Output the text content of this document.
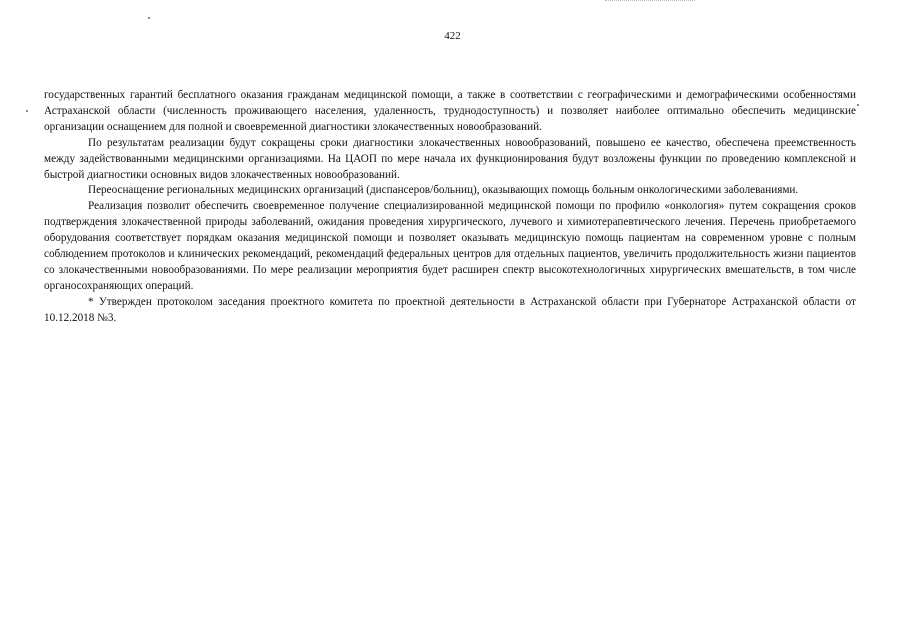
422

государственных гарантий бесплатного оказания гражданам медицинской помощи, а также в соответствии с географическими и демографическими особенностями Астраханской области (численность проживающего населения, удаленность, труднодоступность) и позволяет наиболее оптимально обеспечить медицинские организации оснащением для полной и своевременной диагностики злокачественных новообразований.

По результатам реализации будут сокращены сроки диагностики злокачественных новообразований, повышено ее качество, обеспечена преемственность между задействованными медицинскими организациями. На ЦАОП по мере начала их функционирования будут возложены функции по проведению комплексной и быстрой диагностики основных видов злокачественных новообразований.

Переоснащение региональных медицинских организаций (диспансеров/больниц), оказывающих помощь больным онкологическими заболеваниями.

Реализация позволит обеспечить своевременное получение специализированной медицинской помощи по профилю «онкология» путем сокращения сроков подтверждения злокачественной природы заболеваний, ожидания проведения хирургического, лучевого и химиотерапевтического лечения. Перечень приобретаемого оборудования соответствует порядкам оказания медицинской помощи и позволяет оказывать медицинскую помощь пациентам на современном уровне с полным соблюдением протоколов и клинических рекомендаций, рекомендаций федеральных центров для отдельных пациентов, увеличить продолжительность жизни пациентов со злокачественными новообразованиями. По мере реализации мероприятия будет расширен спектр высокотехнологичных хирургических вмешательств, в том числе органосохраняющих операций.

* Утвержден протоколом заседания проектного комитета по проектной деятельности в Астраханской области при Губернаторе Астраханской области от 10.12.2018 №3.
